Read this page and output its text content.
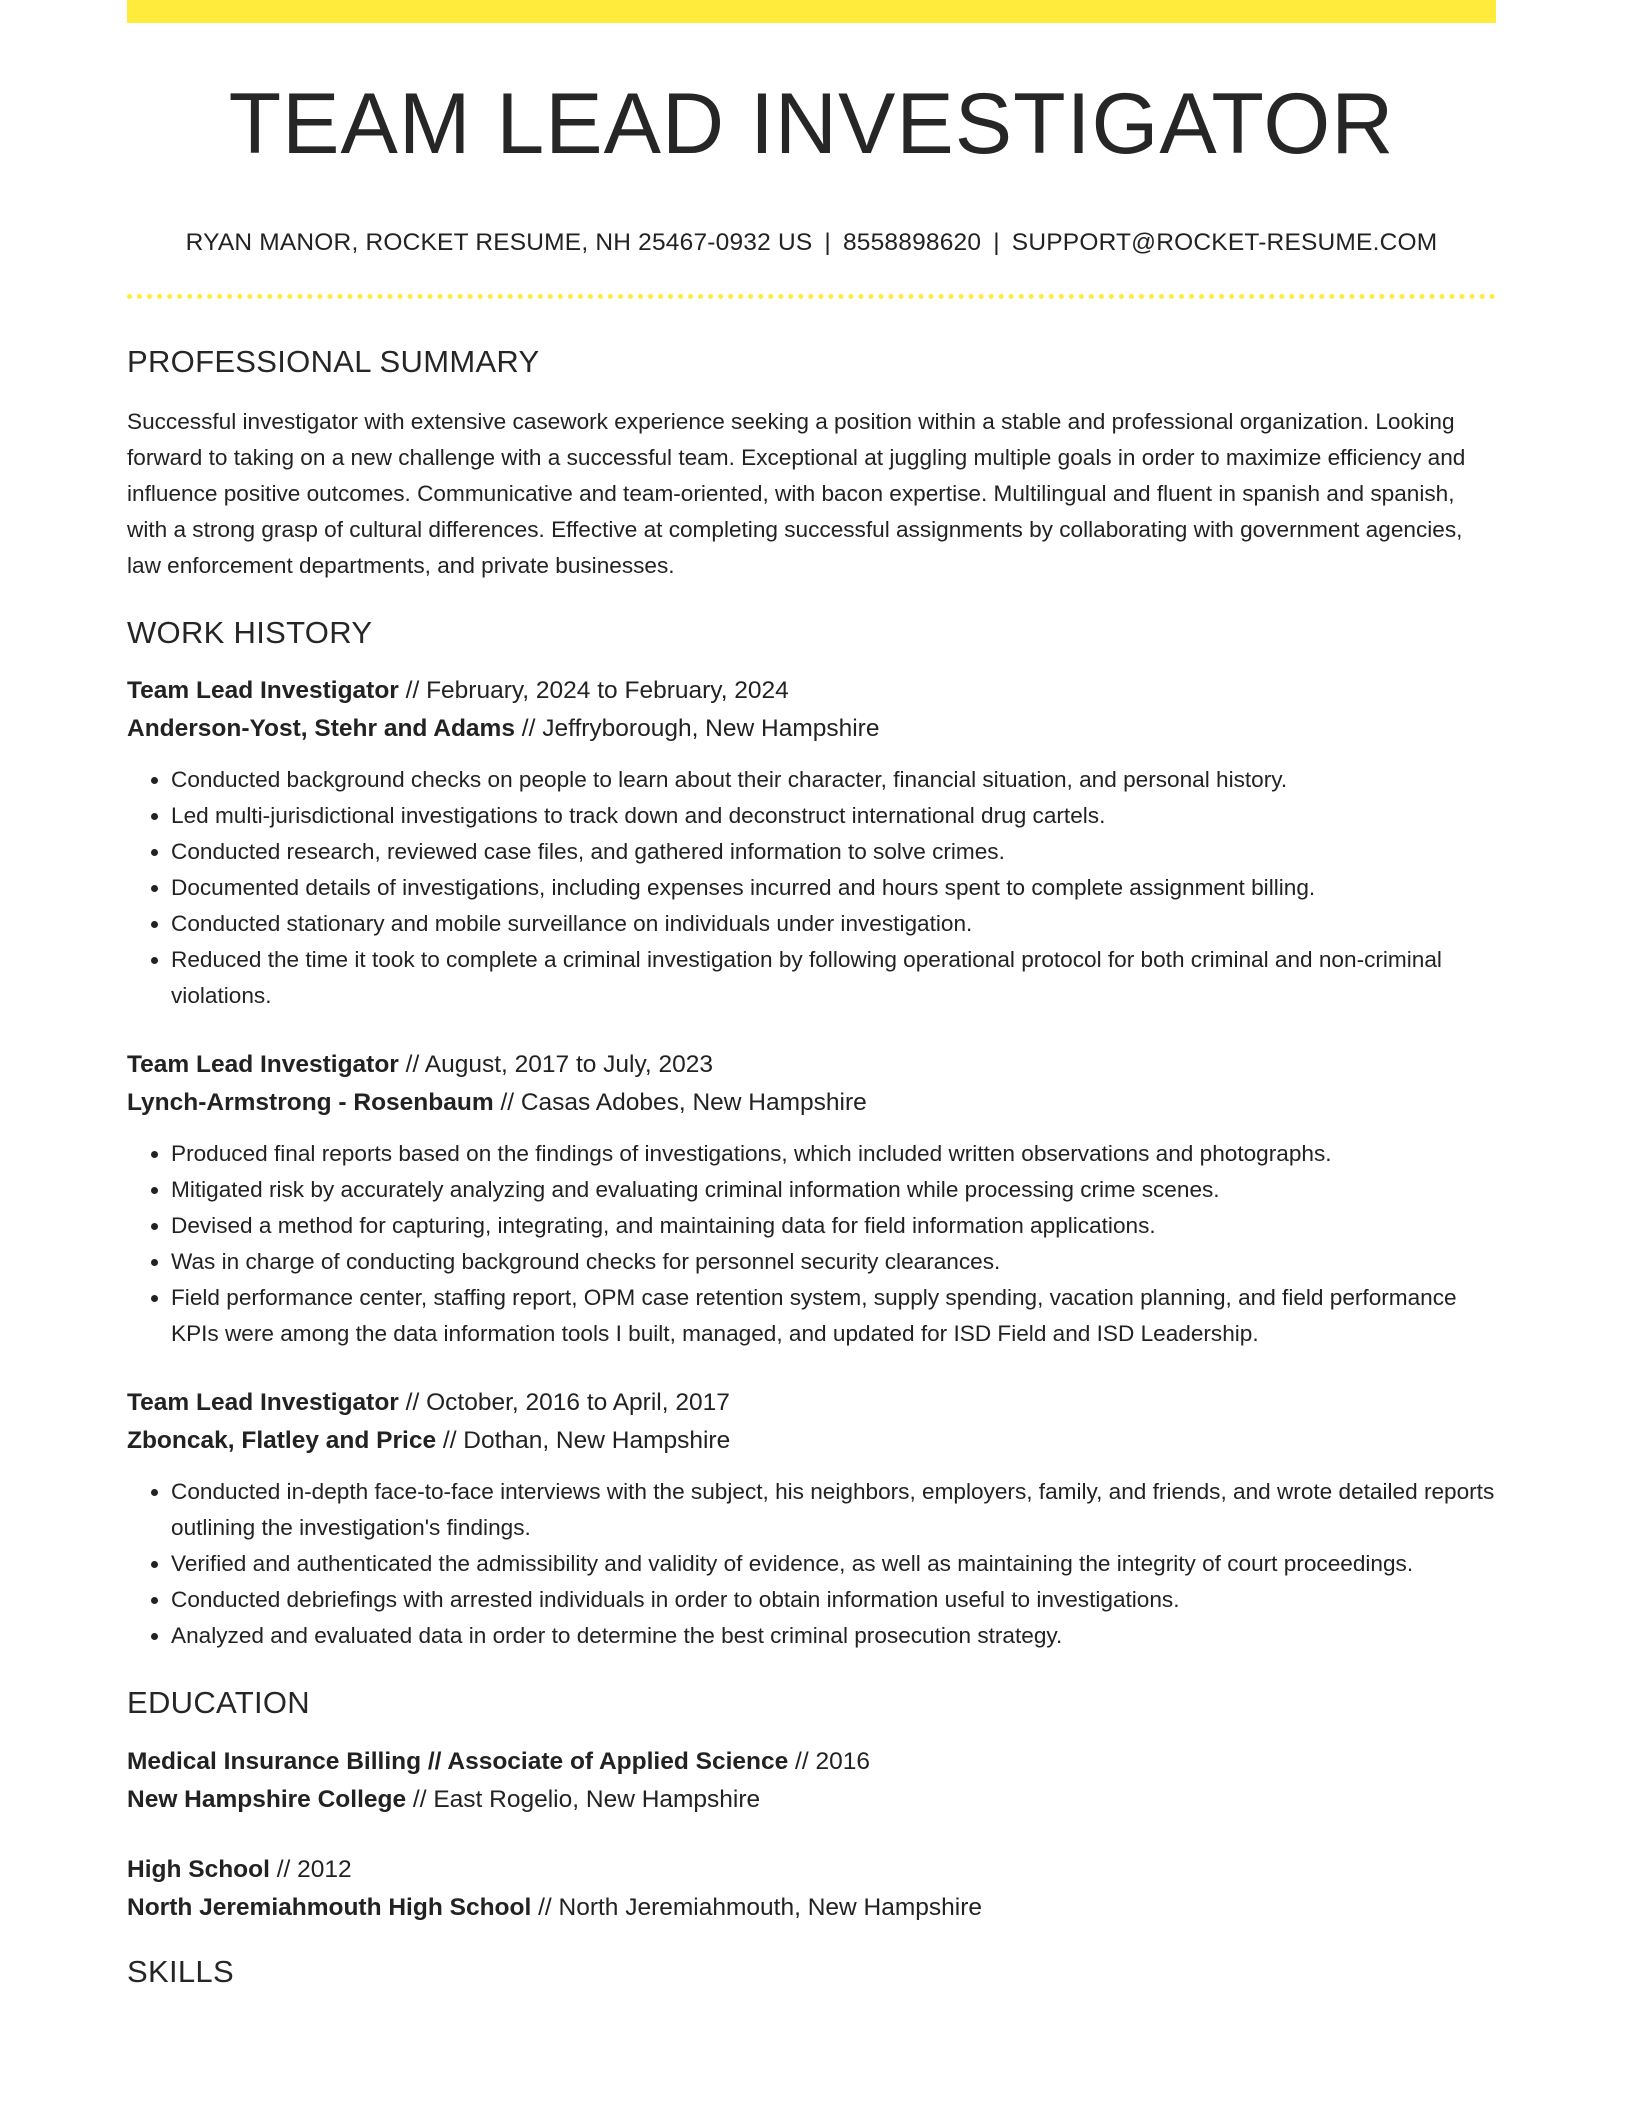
TEAM LEAD INVESTIGATOR
RYAN MANOR, ROCKET RESUME, NH 25467-0932 US | 8558898620 | SUPPORT@ROCKET-RESUME.COM
PROFESSIONAL SUMMARY
Successful investigator with extensive casework experience seeking a position within a stable and professional organization. Looking forward to taking on a new challenge with a successful team. Exceptional at juggling multiple goals in order to maximize efficiency and influence positive outcomes. Communicative and team-oriented, with bacon expertise. Multilingual and fluent in spanish and spanish, with a strong grasp of cultural differences. Effective at completing successful assignments by collaborating with government agencies, law enforcement departments, and private businesses.
WORK HISTORY
Team Lead Investigator // February, 2024 to February, 2024
Anderson-Yost, Stehr and Adams // Jeffryborough, New Hampshire
• Conducted background checks on people to learn about their character, financial situation, and personal history.
• Led multi-jurisdictional investigations to track down and deconstruct international drug cartels.
• Conducted research, reviewed case files, and gathered information to solve crimes.
• Documented details of investigations, including expenses incurred and hours spent to complete assignment billing.
• Conducted stationary and mobile surveillance on individuals under investigation.
• Reduced the time it took to complete a criminal investigation by following operational protocol for both criminal and non-criminal violations.
Team Lead Investigator // August, 2017 to July, 2023
Lynch-Armstrong - Rosenbaum // Casas Adobes, New Hampshire
• Produced final reports based on the findings of investigations, which included written observations and photographs.
• Mitigated risk by accurately analyzing and evaluating criminal information while processing crime scenes.
• Devised a method for capturing, integrating, and maintaining data for field information applications.
• Was in charge of conducting background checks for personnel security clearances.
• Field performance center, staffing report, OPM case retention system, supply spending, vacation planning, and field performance KPIs were among the data information tools I built, managed, and updated for ISD Field and ISD Leadership.
Team Lead Investigator // October, 2016 to April, 2017
Zboncak, Flatley and Price // Dothan, New Hampshire
• Conducted in-depth face-to-face interviews with the subject, his neighbors, employers, family, and friends, and wrote detailed reports outlining the investigation's findings.
• Verified and authenticated the admissibility and validity of evidence, as well as maintaining the integrity of court proceedings.
• Conducted debriefings with arrested individuals in order to obtain information useful to investigations.
• Analyzed and evaluated data in order to determine the best criminal prosecution strategy.
EDUCATION
Medical Insurance Billing // Associate of Applied Science // 2016
New Hampshire College // East Rogelio, New Hampshire
High School // 2012
North Jeremiahmouth High School // North Jeremiahmouth, New Hampshire
SKILLS
